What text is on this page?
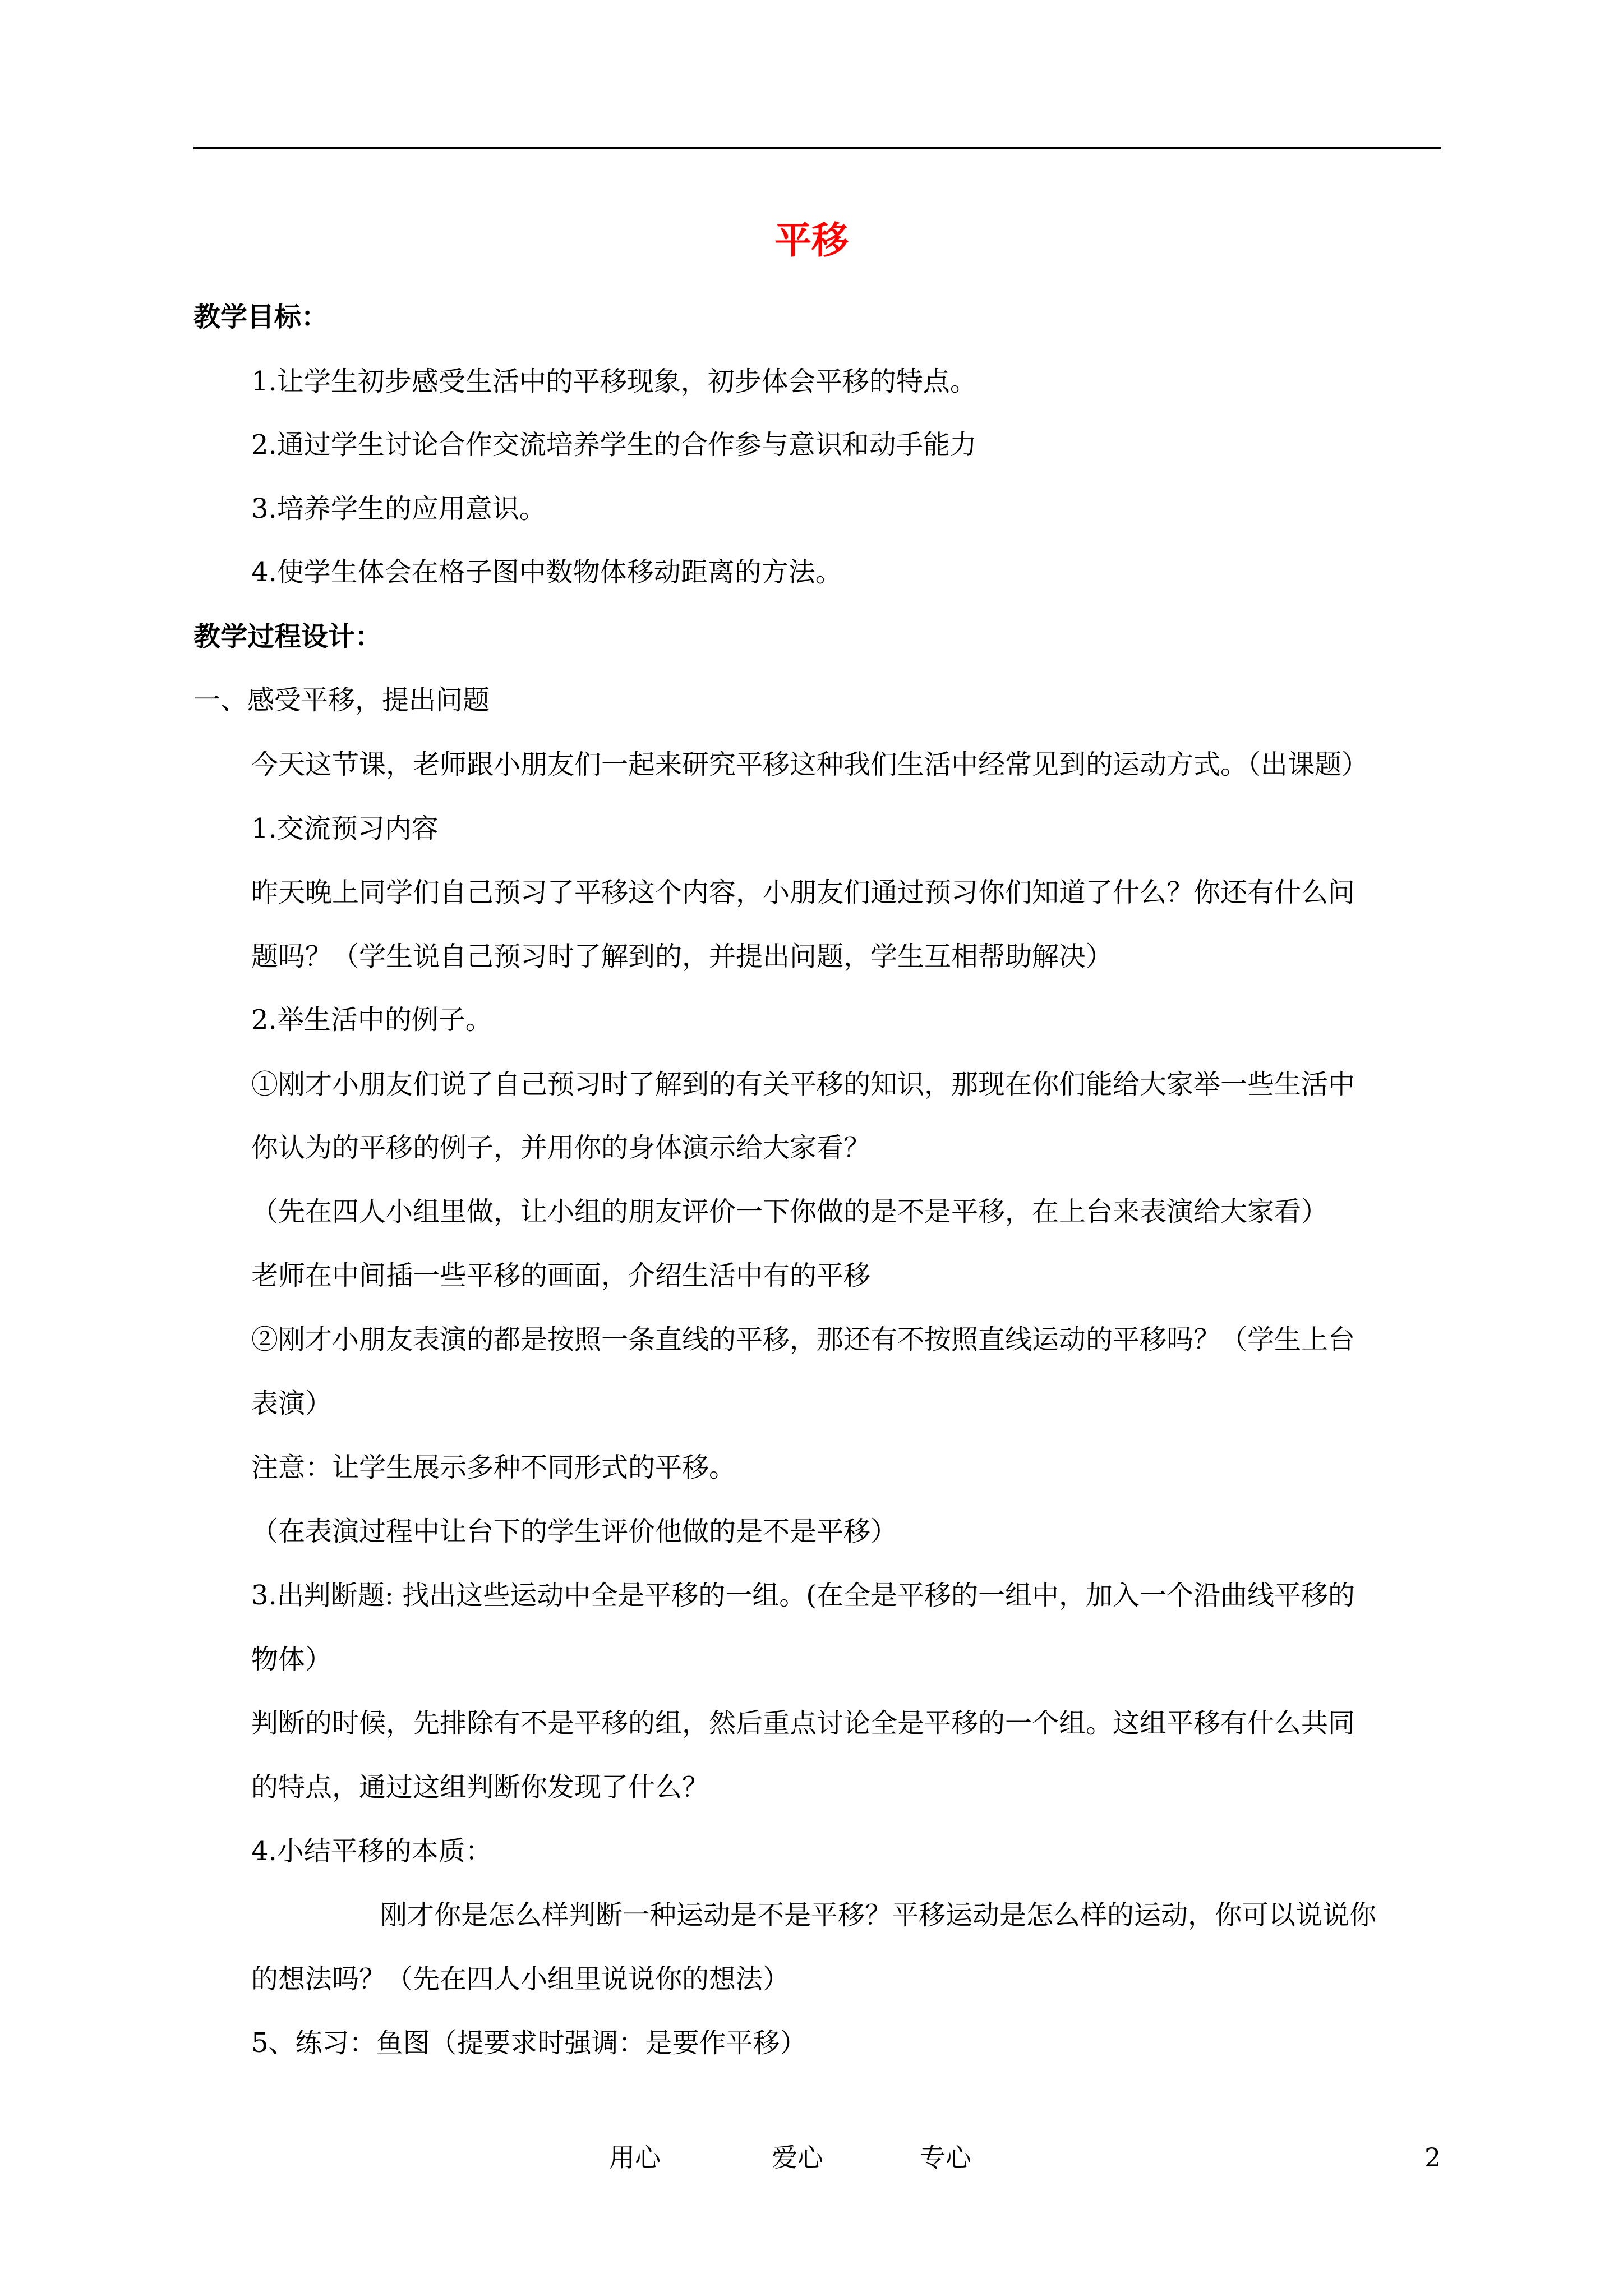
平移

教学目标：

1.让学生初步感受生活中的平移现象，初步体会平移的特点。

2.通过学生讨论合作交流培养学生的合作参与意识和动手能力

3.培养学生的应用意识。

4.使学生体会在格子图中数物体移动距离的方法。

教学过程设计：

一、感受平移，提出问题

今天这节课，老师跟小朋友们一起来研究平移这种我们生活中经常见到的运动方式。（出课题）

1.交流预习内容

昨天晚上同学们自己预习了平移这个内容，小朋友们通过预习你们知道了什么？你还有什么问

题吗？（学生说自己预习时了解到的，并提出问题，学生互相帮助解决）

2.举生活中的例子。

①刚才小朋友们说了自己预习时了解到的有关平移的知识，那现在你们能给大家举一些生活中

你认为的平移的例子，并用你的身体演示给大家看？

（先在四人小组里做，让小组的朋友评价一下你做的是不是平移，在上台来表演给大家看）

老师在中间插一些平移的画面，介绍生活中有的平移

②刚才小朋友表演的都是按照一条直线的平移，那还有不按照直线运动的平移吗？（学生上台

表演）

注意：让学生展示多种不同形式的平移。

（在表演过程中让台下的学生评价他做的是不是平移）

3.出判断题: 找出这些运动中全是平移的一组。(在全是平移的一组中，加入一个沿曲线平移的

物体）

判断的时候，先排除有不是平移的组，然后重点讨论全是平移的一个组。这组平移有什么共同

的特点，通过这组判断你发现了什么？

4.小结平移的本质：

刚才你是怎么样判断一种运动是不是平移？平移运动是怎么样的运动，你可以说说你

的想法吗？（先在四人小组里说说你的想法）

5、练习：鱼图（提要求时强调：是要作平移）

用心	爱心	专心	2
